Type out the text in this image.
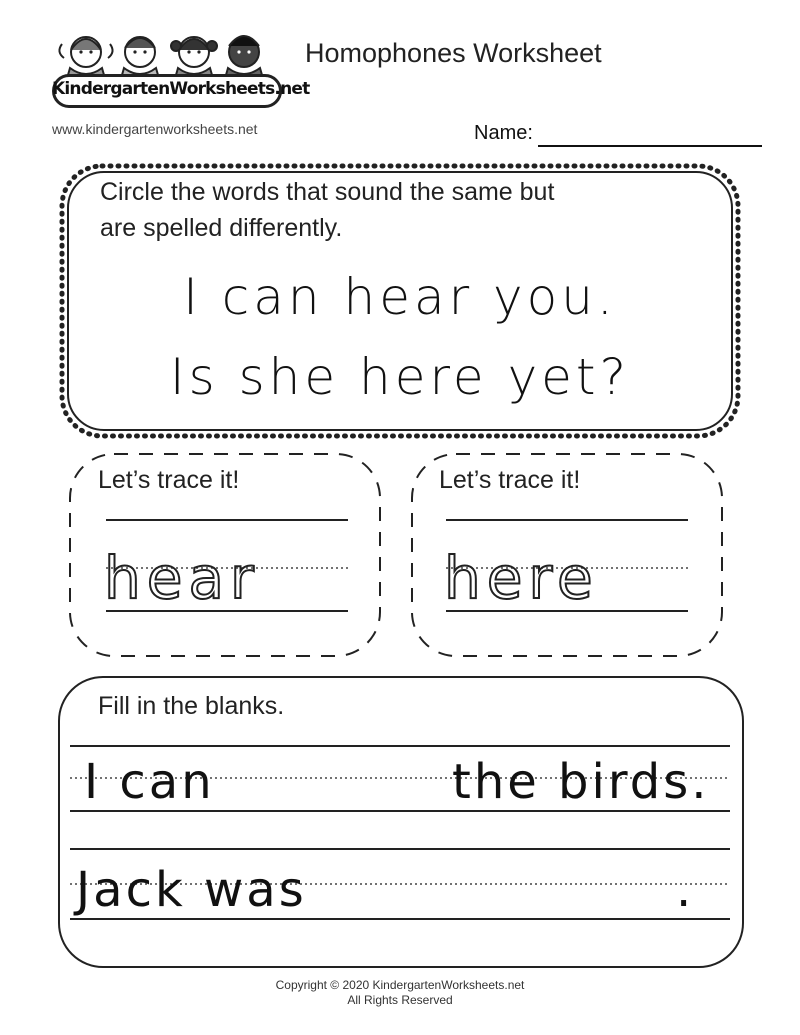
KindergartenWorksheets.net
www.kindergartenworksheets.net
Homophones Worksheet
Name:
Circle the words that sound the same but
are spelled differently.
I can hear you.
Is she here yet?
Let’s trace it!
hear
Let’s trace it!
here
Fill in the blanks.
I can	the birds.
Jack was	.
Copyright © 2020 KindergartenWorksheets.net
All Rights Reserved
